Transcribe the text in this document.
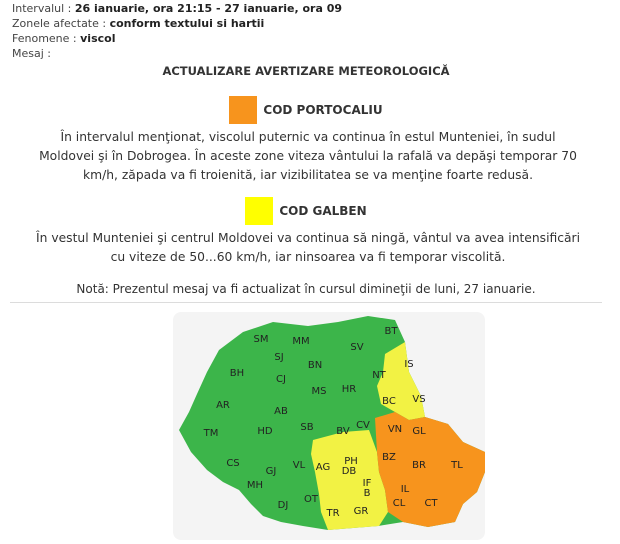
Intervalul : 26 ianuarie, ora 21:15 - 27 ianuarie, ora 09
Zonele afectate : conform textului si hartii
Fenomene : viscol
Mesaj :
ACTUALIZARE AVERTIZARE METEOROLOGICĂ
COD PORTOCALIU
În intervalul menţionat, viscolul puternic va continua în estul Munteniei, în sudul
Moldovei şi în Dobrogea. În aceste zone viteza vântului la rafală va depăşi temporar 70
km/h, zăpada va fi troienită, iar vizibilitatea se va menţine foarte redusă.
COD GALBEN
În vestul Munteniei şi centrul Moldovei va continua să ningă, vântul va avea intensificări
cu viteze de 50...60 km/h, iar ninsoarea va fi temporar viscolită.
Notă: Prezentul mesaj va fi actualizat în cursul dimineţii de luni, 27 ianuarie.
BT
SM MM
SV
IS
SJ
BN
BH
CJ	NT
MS HR
BC VS
AR
AB
TM	HD	SB	CV VN GL
BV
CS
GJ
VL AG
PH
DB
BZ
BR	TL
MH
DJ
OT
IF
B
TR GR
IL
CL CT
